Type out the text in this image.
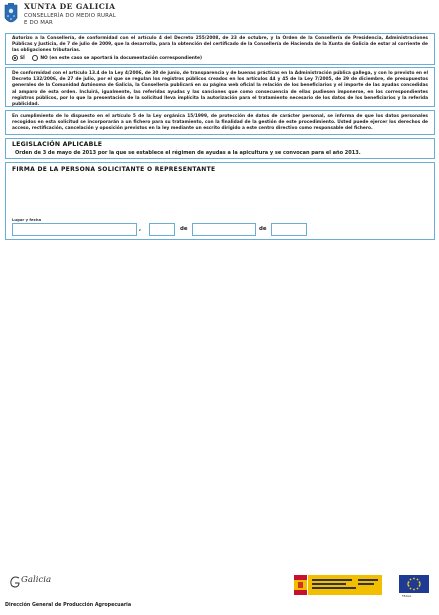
XUNTA DE GALICIA
CONSELLERÍA DO MEDIO RURAL
E DO MAR
Autorizo a la Consellería, de conformidad con el artículo 4 del Decreto 255/2008, de 23 de octubre, y la Orden de la Consellería de Presidencia, Administraciones Públicas y Justicia, de 7 de julio de 2009, que la desarrolla, para la obtención del certificado de la Consellería de Hacienda de la Xunta de Galicia de estar al corriente de las obligaciones tributarias.
SÍ	NO (en este caso se aportará la documentación correspondiente)
De conformidad con el artículo 13.4 de la Ley 4/2006, de 30 de junio, de transparencia y de buenas prácticas en la Administración pública gallega, y con lo previsto en el Decreto 132/2006, de 27 de julio, por el que se regulan los registros públicos creados en los artículos 44 y 45 de la Ley 7/2005, de 29 de diciembre, de presupuestos generales de la Comunidad Autónoma de Galicia, la Consellería publicará en su página web oficial la relación de los beneficiarios y el importe de las ayudas concedidas al amparo de esta orden. Incluirá, igualmente, las referidas ayudas y las sanciones que como consecuencia de ellas pudiesen imponerse, en los correspondientes registros públicos, por lo que la presentación de la solicitud lleva implícita la autorización para el tratamiento necesario de los datos de los beneficiarios y la referida publicidad.
En cumplimiento de lo dispuesto en el artículo 5 de la Ley orgánica 15/1999, de protección de datos de carácter personal, se informa de que los datos personales recogidos en esta solicitud se incorporarán a un fichero para su tratamiento, con la finalidad de la gestión de este procedimiento. Usted puede ejercer los derechos de acceso, rectificación, cancelación y oposición previstos en la ley mediante un escrito dirigido a este centro directivo como responsable del fichero.
LEGISLACIÓN APLICABLE
Orden de 3 de mayo de 2013 por la que se establece el régimen de ayudas a la apicultura y se convocan para el año 2013.
FIRMA DE LA PERSONA SOLICITANTE O REPRESENTANTE
Lugar y fecha
,	de	de
Galicia
FEAGA
Dirección General de Producción Agropecuaria
